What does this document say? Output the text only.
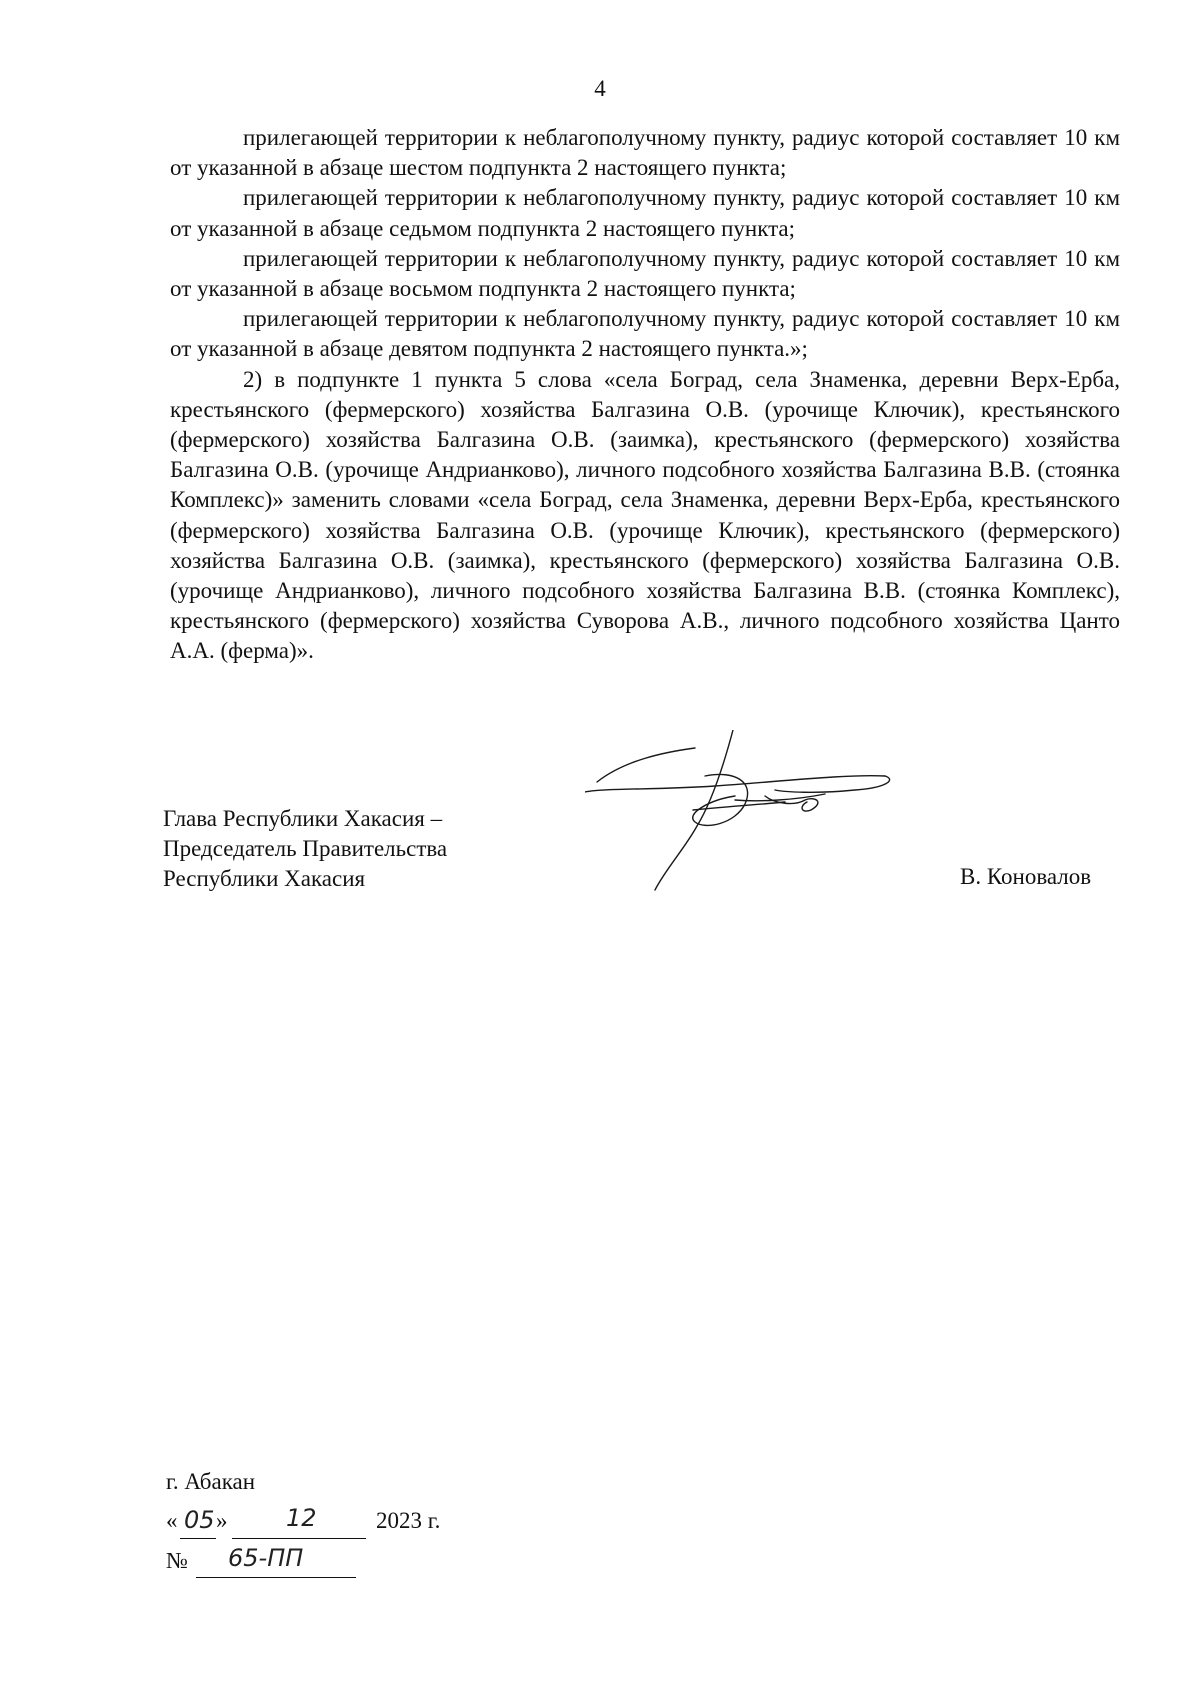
4

прилегающей территории к неблагополучному пункту, радиус которой составляет 10 км от указанной в абзаце шестом подпункта 2 настоящего пункта;

прилегающей территории к неблагополучному пункту, радиус которой составляет 10 км от указанной в абзаце седьмом подпункта 2 настоящего пункта;

прилегающей территории к неблагополучному пункту, радиус которой составляет 10 км от указанной в абзаце восьмом подпункта 2 настоящего пункта;

прилегающей территории к неблагополучному пункту, радиус которой составляет 10 км от указанной в абзаце девятом подпункта 2 настоящего пункта.»;

2) в подпункте 1 пункта 5 слова «села Боград, села Знаменка, деревни Верх-Ерба, крестьянского (фермерского) хозяйства Балгазина О.В. (урочище Ключик), крестьянского (фермерского) хозяйства Балгазина О.В. (заимка), крестьянского (фермерского) хозяйства Балгазина О.В. (урочище Андрианково), личного подсобного хозяйства Балгазина В.В. (стоянка Комплекс)» заменить словами «села Боград, села Знаменка, деревни Верх-Ерба, крестьянского (фермерского) хозяйства Балгазина О.В. (урочище Ключик), крестьянского (фермерского) хозяйства Балгазина О.В. (заимка), крестьянского (фермерского) хозяйства Балгазина О.В. (урочище Андрианково), личного подсобного хозяйства Балгазина В.В. (стоянка Комплекс), крестьянского (фермерского) хозяйства Суворова А.В., личного подсобного хозяйства Цанто А.А. (ферма)».

Глава Республики Хакасия –
Председатель Правительства
Республики Хакасия	В. Коновалов
г. Абакан
« 05 » 12	2023 г.
№ 65-ПП
